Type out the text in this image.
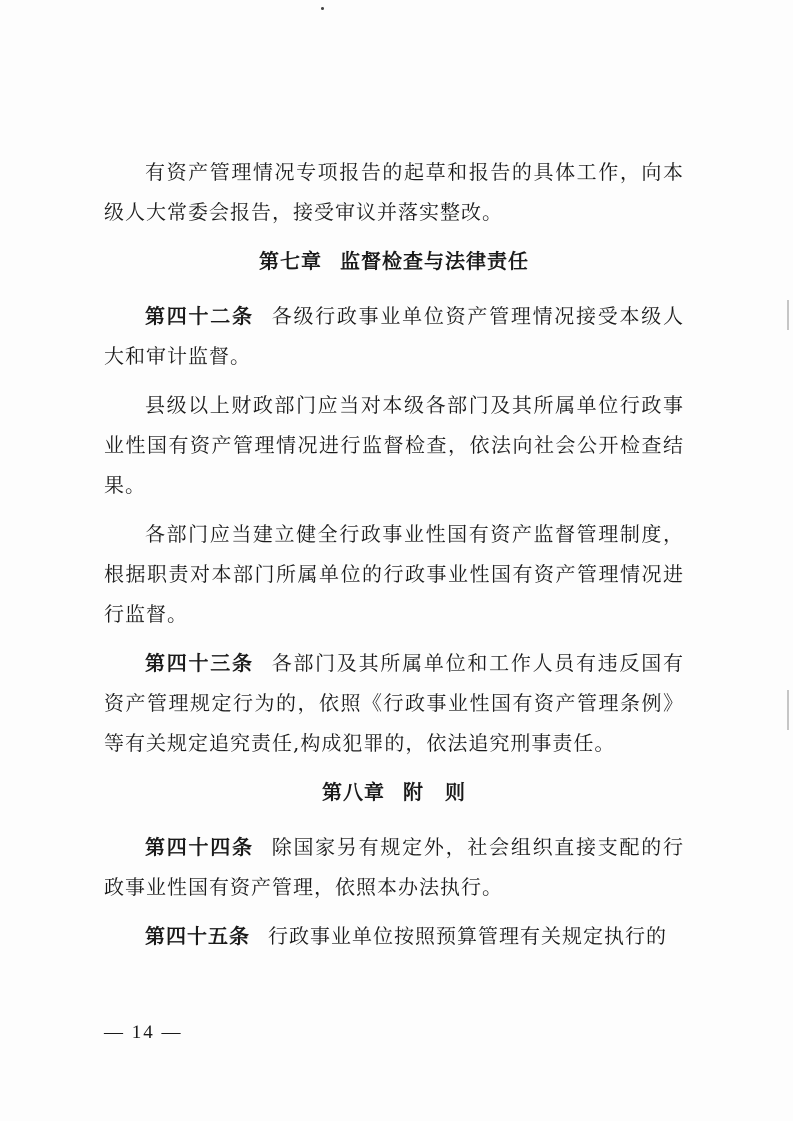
有资产管理情况专项报告的起草和报告的具体工作，向本级人大常委会报告，接受审议并落实整改。

第七章 监督检查与法律责任

第四十二条 各级行政事业单位资产管理情况接受本级人大和审计监督。

县级以上财政部门应当对本级各部门及其所属单位行政事业性国有资产管理情况进行监督检查，依法向社会公开检查结果。

各部门应当建立健全行政事业性国有资产监督管理制度，根据职责对本部门所属单位的行政事业性国有资产管理情况进行监督。

第四十三条 各部门及其所属单位和工作人员有违反国有资产管理规定行为的，依照《行政事业性国有资产管理条例》等有关规定追究责任,构成犯罪的，依法追究刑事责任。

第八章 附　则

第四十四条 除国家另有规定外，社会组织直接支配的行政事业性国有资产管理，依照本办法执行。

第四十五条 行政事业单位按照预算管理有关规定执行的

— 14 —
